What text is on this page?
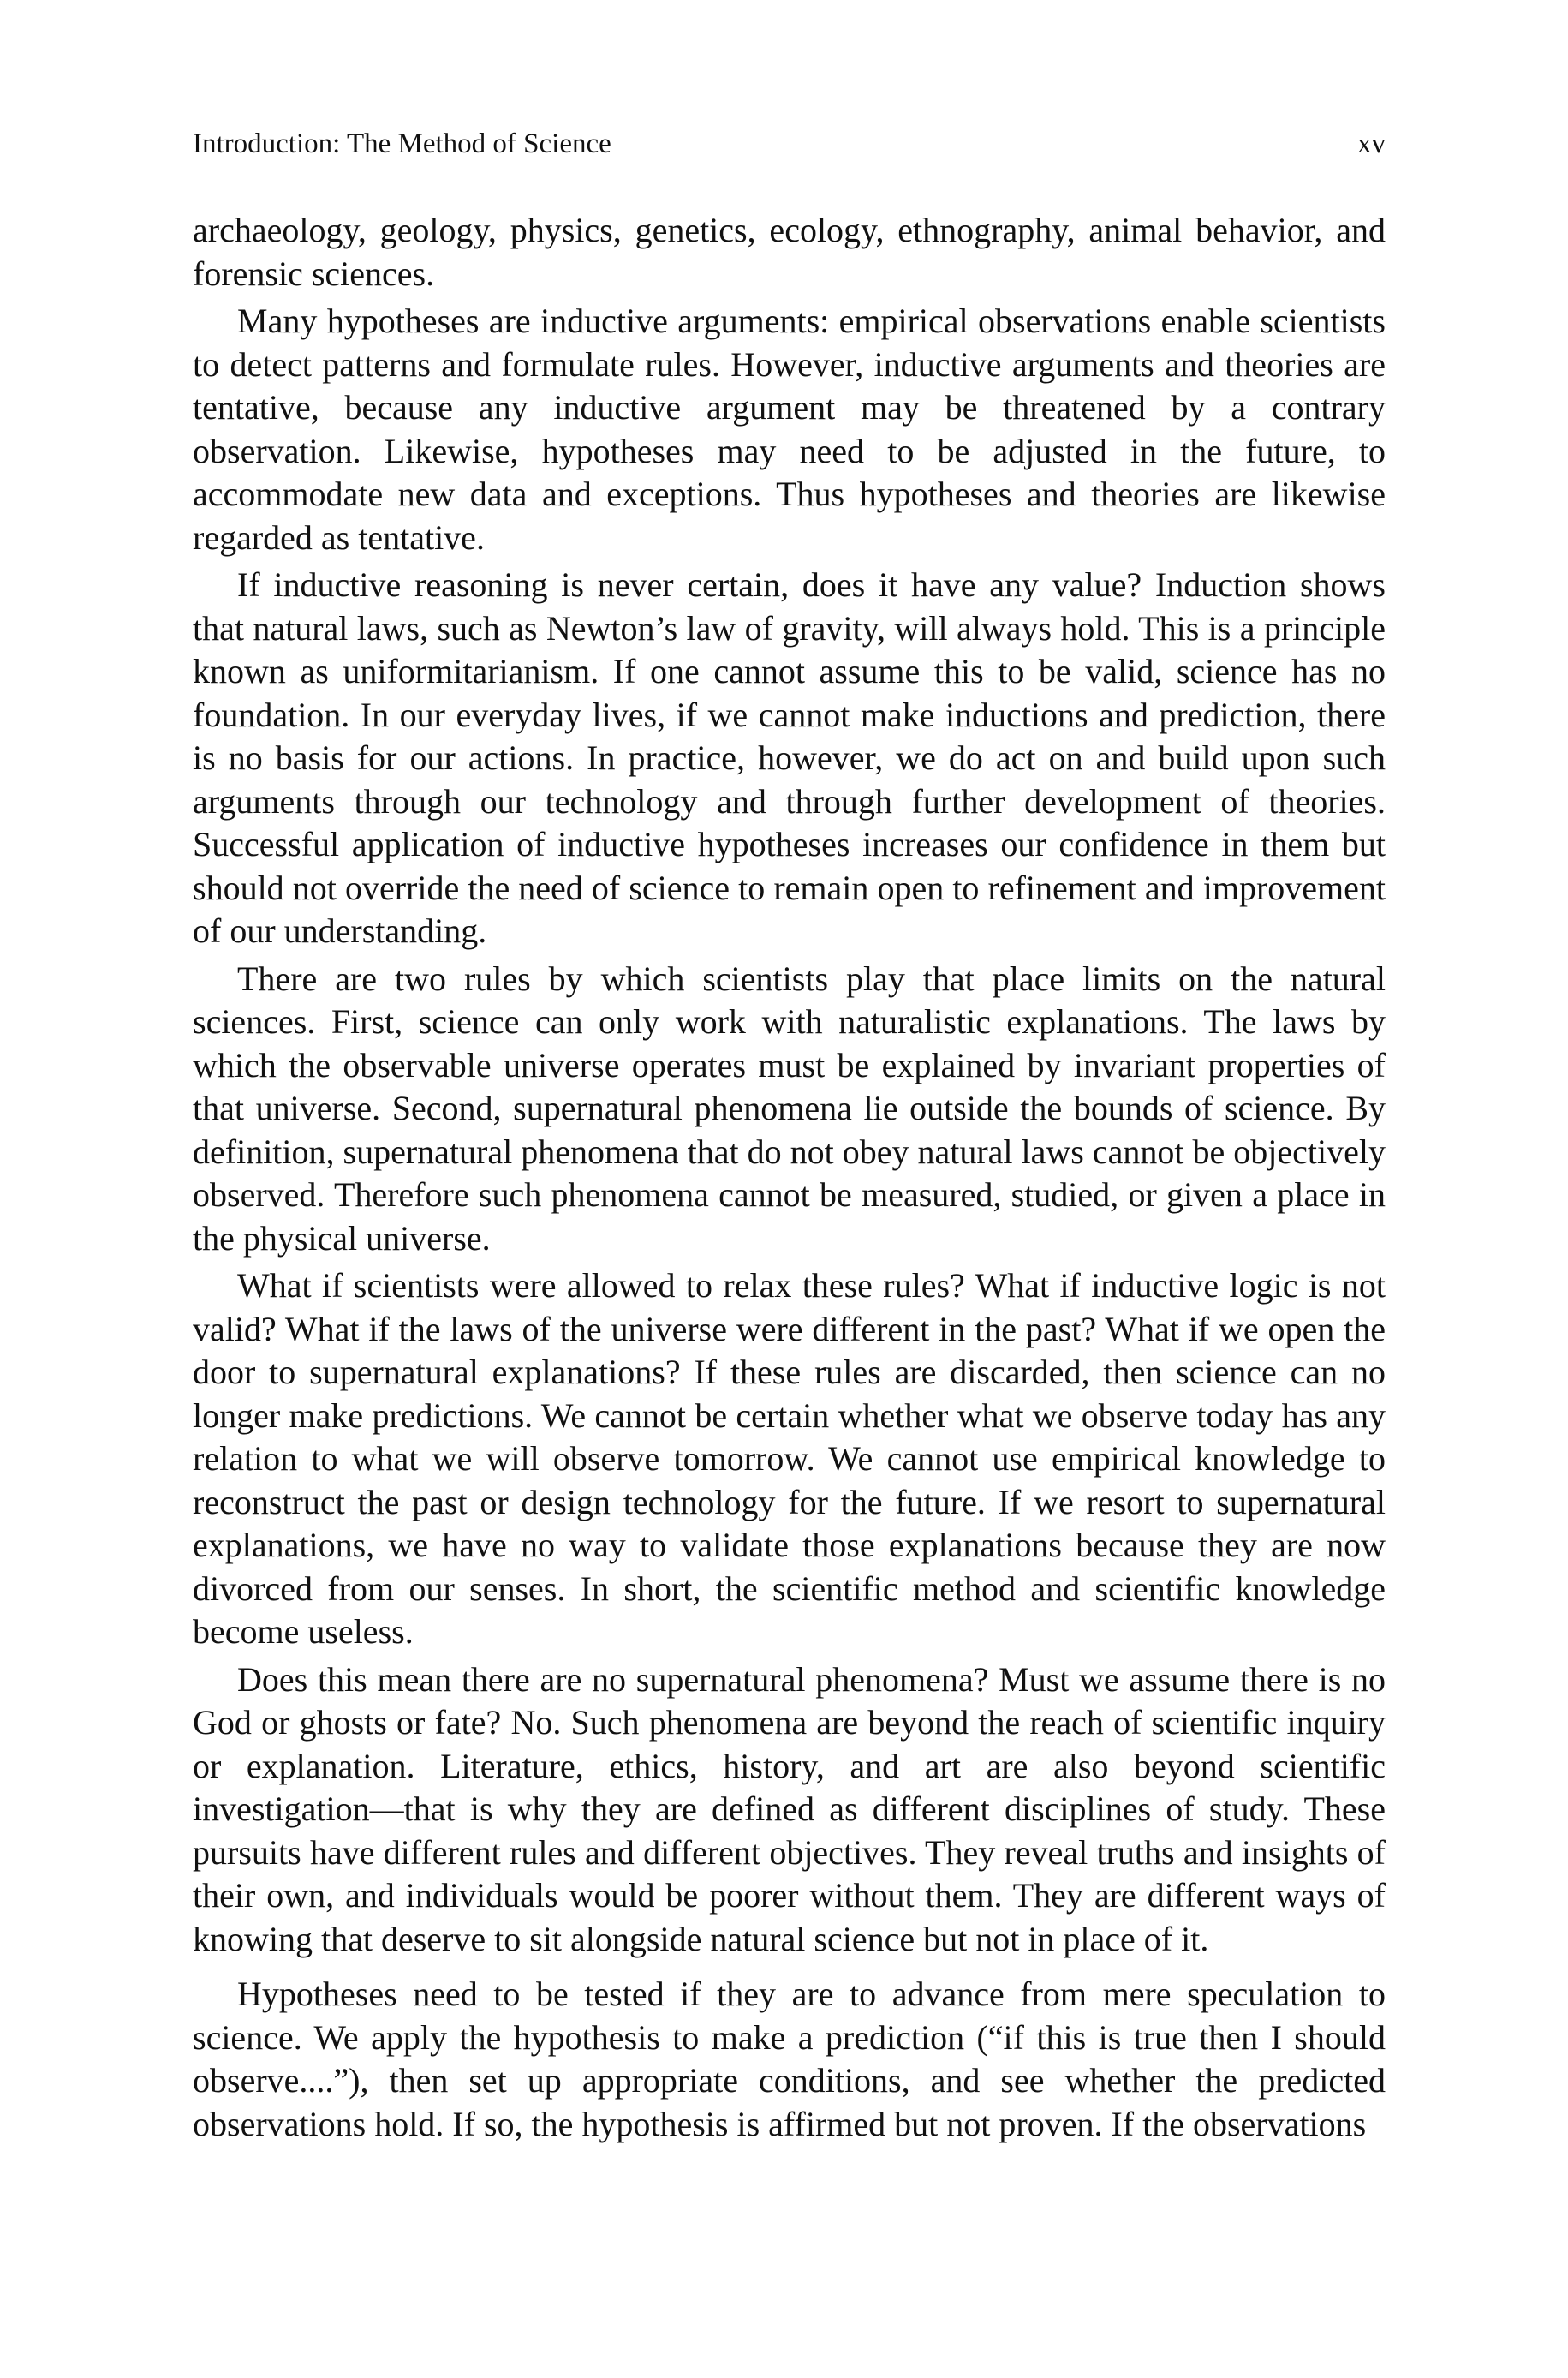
Introduction: The Method of Science	xv

archaeology, geology, physics, genetics, ecology, ethnography, animal behavior, and forensic sciences.

Many hypotheses are inductive arguments: empirical observations enable scientists to detect patterns and formulate rules. However, inductive arguments and theories are tentative, because any inductive argument may be threatened by a contrary observation. Likewise, hypotheses may need to be adjusted in the future, to accommodate new data and exceptions. Thus hypotheses and theories are likewise regarded as tentative.

If inductive reasoning is never certain, does it have any value? Induction shows that natural laws, such as Newton’s law of gravity, will always hold. This is a principle known as uniformitarianism. If one cannot assume this to be valid, science has no foundation. In our everyday lives, if we cannot make inductions and prediction, there is no basis for our actions. In practice, however, we do act on and build upon such arguments through our technology and through further development of theories. Successful application of inductive hypotheses increases our confidence in them but should not override the need of science to remain open to refinement and improvement of our understanding.

There are two rules by which scientists play that place limits on the natural sciences. First, science can only work with naturalistic explanations. The laws by which the observable universe operates must be explained by invariant properties of that universe. Second, supernatural phenomena lie outside the bounds of science. By definition, supernatural phenomena that do not obey natural laws cannot be objectively observed. Therefore such phenomena cannot be measured, studied, or given a place in the physical universe.

What if scientists were allowed to relax these rules? What if inductive logic is not valid? What if the laws of the universe were different in the past? What if we open the door to supernatural explanations? If these rules are discarded, then science can no longer make predictions. We cannot be certain whether what we observe today has any relation to what we will observe tomorrow. We cannot use empirical knowledge to reconstruct the past or design technology for the future. If we resort to supernatural explanations, we have no way to validate those explanations because they are now divorced from our senses. In short, the scientific method and scientific knowledge become useless.

Does this mean there are no supernatural phenomena? Must we assume there is no God or ghosts or fate? No. Such phenomena are beyond the reach of scientific inquiry or explanation. Literature, ethics, history, and art are also beyond scientific investigation—that is why they are defined as different disciplines of study. These pursuits have different rules and different objectives. They reveal truths and insights of their own, and individuals would be poorer without them. They are different ways of knowing that deserve to sit alongside natural science but not in place of it.

Hypotheses need to be tested if they are to advance from mere speculation to science. We apply the hypothesis to make a prediction (“if this is true then I should observe....”), then set up appropriate conditions, and see whether the predicted observations hold. If so, the hypothesis is affirmed but not proven. If the observations
